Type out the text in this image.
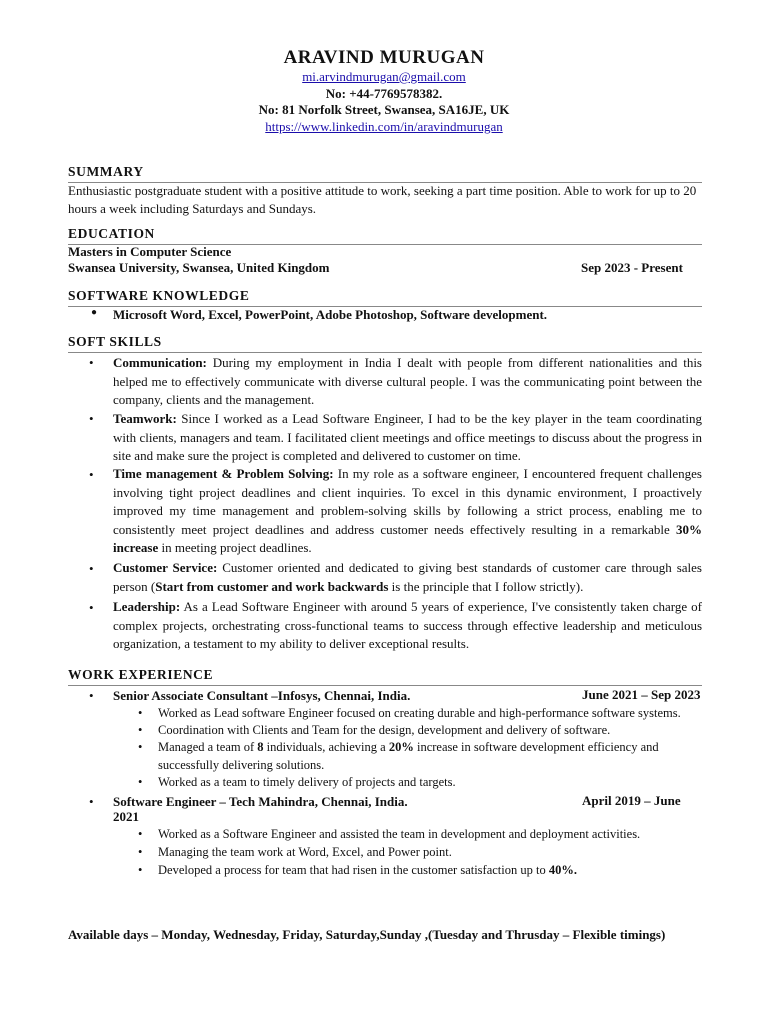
ARAVIND MURUGAN
mi.arvindmurugan@gmail.com
No: +44-7769578382.
No: 81 Norfolk Street, Swansea, SA16JE, UK
https://www.linkedin.com/in/aravindmurugan
SUMMARY
Enthusiastic postgraduate student with a positive attitude to work, seeking a part time position. Able to work for up to 20 hours a week including Saturdays and Sundays.
EDUCATION
Masters in Computer Science
Swansea University, Swansea, United Kingdom	Sep 2023 - Present
SOFTWARE KNOWLEDGE
● Microsoft Word, Excel, PowerPoint, Adobe Photoshop, Software development.
SOFT SKILLS
• Communication: During my employment in India I dealt with people from different nationalities and this helped me to effectively communicate with diverse cultural people. I was the communicating point between the company, clients and the management.
• Teamwork: Since I worked as a Lead Software Engineer, I had to be the key player in the team coordinating with clients, managers and team. I facilitated client meetings and office meetings to discuss about the progress in site and make sure the project is completed and delivered to customer on time.
• Time management & Problem Solving: In my role as a software engineer, I encountered frequent challenges involving tight project deadlines and client inquiries. To excel in this dynamic environment, I proactively improved my time management and problem-solving skills by following a strict process, enabling me to consistently meet project deadlines and address customer needs effectively resulting in a remarkable 30% increase in meeting project deadlines.
• Customer Service: Customer oriented and dedicated to giving best standards of customer care through sales person (Start from customer and work backwards is the principle that I follow strictly).
• Leadership: As a Lead Software Engineer with around 5 years of experience, I've consistently taken charge of complex projects, orchestrating cross-functional teams to success through effective leadership and meticulous organization, a testament to my ability to deliver exceptional results.
WORK EXPERIENCE
• Senior Associate Consultant –Infosys, Chennai, India.	June 2021 – Sep 2023
• Worked as Lead software Engineer focused on creating durable and high-performance software systems.
• Coordination with Clients and Team for the design, development and delivery of software.
• Managed a team of 8 individuals, achieving a 20% increase in software development efficiency and successfully delivering solutions.
• Worked as a team to timely delivery of projects and targets.
• Software Engineer – Tech Mahindra, Chennai, India.	April 2019 – June
2021
• Worked as a Software Engineer and assisted the team in development and deployment activities.
• Managing the team work at Word, Excel, and Power point.
• Developed a process for team that had risen in the customer satisfaction up to 40%.
Available days – Monday, Wednesday, Friday, Saturday,Sunday ,(Tuesday and Thrusday – Flexible timings)
